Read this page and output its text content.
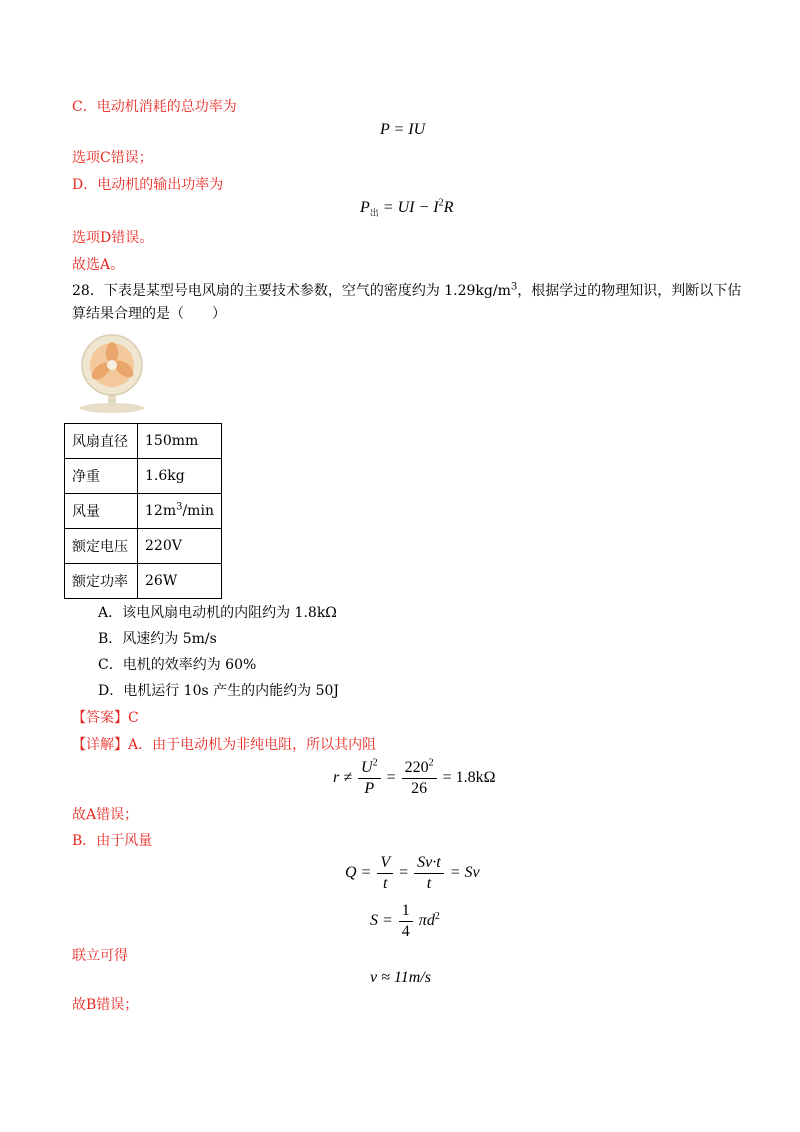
C．电动机消耗的总功率为
P = IU
选项C错误；
D．电动机的输出功率为
$P_出$ = UI − $I^2R$
选项D错误。
故选A。
28．下表是某型号电风扇的主要技术参数，空气的密度约为 $1.29kg/m^3$，根据学过的物理知识，判断以下估
算结果合理的是（　　）
风扇直径	150mm
净重	1.6kg
风量	$12m^3/\min$
额定电压	220V
额定功率	26W
A．该电风扇电动机的内阻约为 1.8kΩ
B．风速约为 5m/s
C．电机的效率约为 60%
D．电机运行 10s 产生的内能约为 50J
【答案】C
【详解】A．由于电动机为非纯电阻，所以其内阻
$r \ne \frac{U^2}{P} = \frac{220^2}{26} = 1.8k\Omega$
故A错误；
B．由于风量
$Q = \frac{V}{t} = \frac{Sv\cdot t}{t} = Sv$
$S = \frac{1}{4} \pi d^2$
联立可得
v ≈ 11m/s
故B错误；
